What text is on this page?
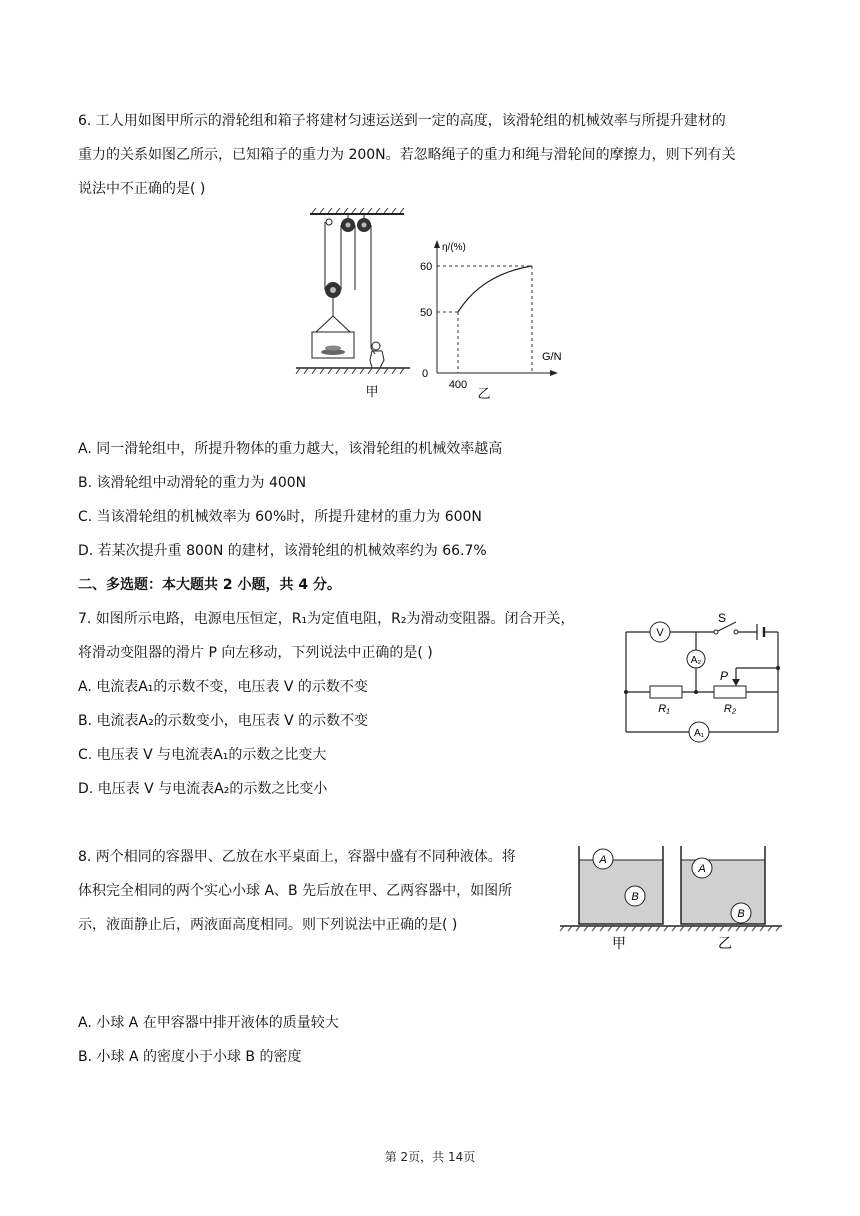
6. 工人用如图甲所示的滑轮组和箱子将建材匀速运送到一定的高度，该滑轮组的机械效率与所提升建材的
重力的关系如图乙所示，已知箱子的重力为 200N。若忽略绳子的重力和绳与滑轮间的摩擦力，则下列有关
说法中不正确的是( )
甲
η/(%)
G/N
60
50
0
400
乙
A. 同一滑轮组中，所提升物体的重力越大，该滑轮组的机械效率越高
B. 该滑轮组中动滑轮的重力为 400N
C. 当该滑轮组的机械效率为 60%时，所提升建材的重力为 600N
D. 若某次提升重 800N 的建材，该滑轮组的机械效率约为 66.7%
二、多选题：本大题共 2 小题，共 4 分。
7. 如图所示电路，电源电压恒定，R₁为定值电阻，R₂为滑动变阻器。闭合开关，
将滑动变阻器的滑片 P 向左移动，下列说法中正确的是( )
A. 电流表A₁的示数不变，电压表 V 的示数不变
B. 电流表A₂的示数变小，电压表 V 的示数不变
C. 电压表 V 与电流表A₁的示数之比变大
D. 电压表 V 与电流表A₂的示数之比变小
S
V
A₂
R₁
P
R₂
A₁
8. 两个相同的容器甲、乙放在水平桌面上，容器中盛有不同种液体。将
体积完全相同的两个实心小球 A、B 先后放在甲、乙两容器中，如图所
示，液面静止后，两液面高度相同。则下列说法中正确的是( )
A
B
A
B
甲	乙
A. 小球 A 在甲容器中排开液体的质量较大
B. 小球 A 的密度小于小球 B 的密度
第 2页，共 14页
